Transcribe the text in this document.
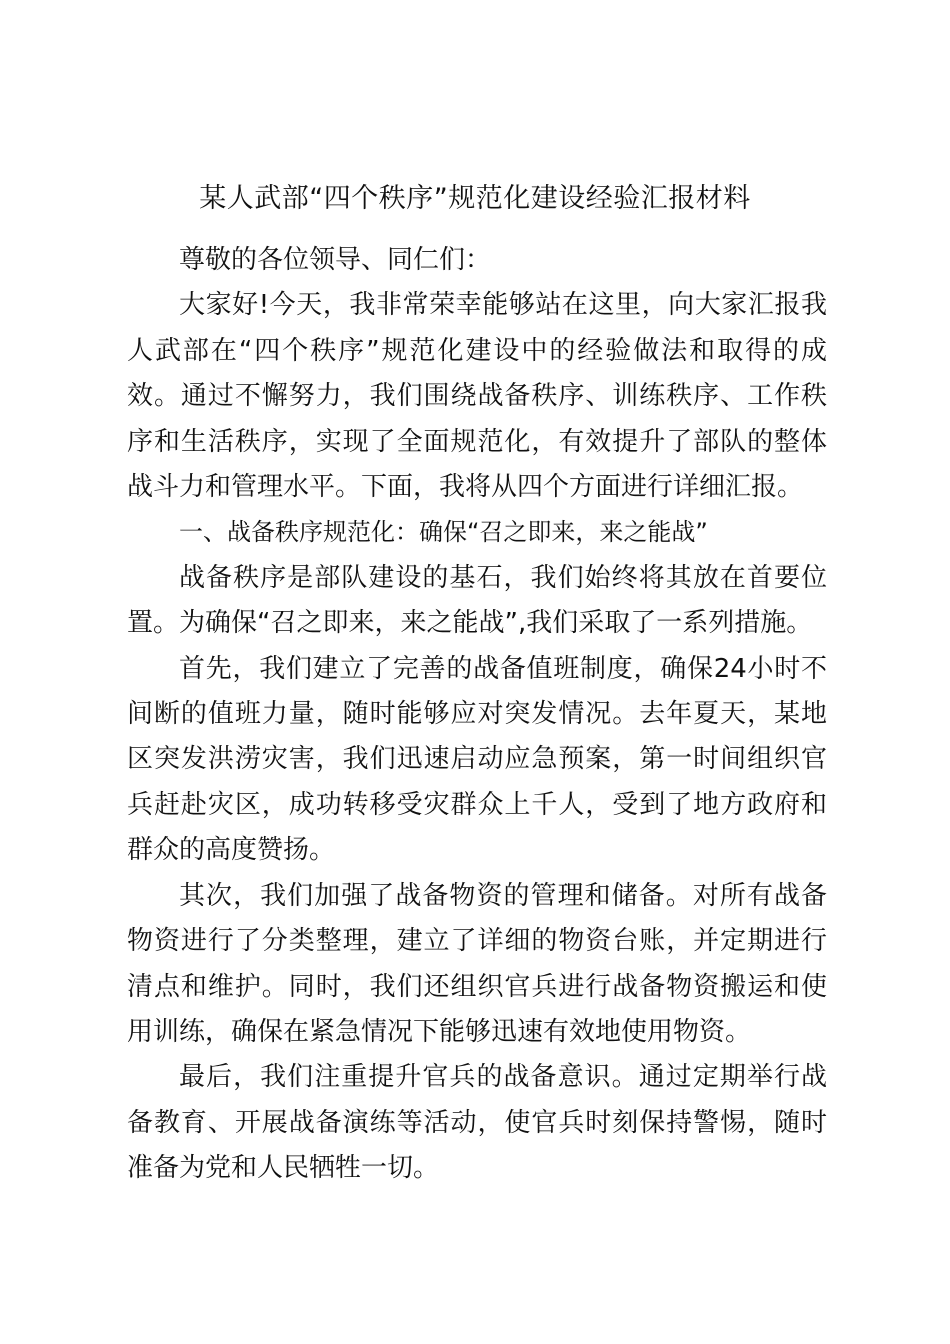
某人武部“四个秩序”规范化建设经验汇报材料

尊敬的各位领导、同仁们：

大家好!今天，我非常荣幸能够站在这里，向大家汇报我人武部在“四个秩序”规范化建设中的经验做法和取得的成效。通过不懈努力，我们围绕战备秩序、训练秩序、工作秩序和生活秩序，实现了全面规范化，有效提升了部队的整体战斗力和管理水平。下面，我将从四个方面进行详细汇报。

一、战备秩序规范化：确保“召之即来，来之能战”

战备秩序是部队建设的基石，我们始终将其放在首要位置。为确保“召之即来，来之能战”,我们采取了一系列措施。

首先，我们建立了完善的战备值班制度，确保24小时不间断的值班力量，随时能够应对突发情况。去年夏天，某地区突发洪涝灾害，我们迅速启动应急预案，第一时间组织官兵赶赴灾区，成功转移受灾群众上千人，受到了地方政府和群众的高度赞扬。

其次，我们加强了战备物资的管理和储备。对所有战备物资进行了分类整理，建立了详细的物资台账，并定期进行清点和维护。同时，我们还组织官兵进行战备物资搬运和使用训练，确保在紧急情况下能够迅速有效地使用物资。

最后，我们注重提升官兵的战备意识。通过定期举行战备教育、开展战备演练等活动，使官兵时刻保持警惕，随时准备为党和人民牺牲一切。
